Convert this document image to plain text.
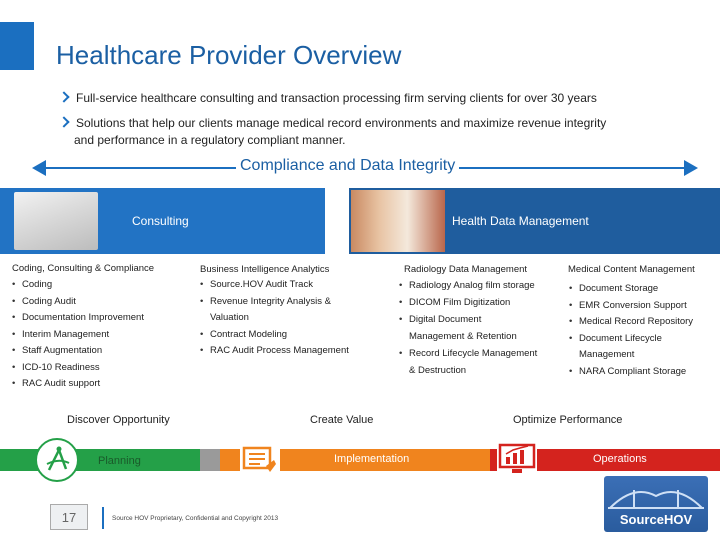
Healthcare Provider Overview
Full-service healthcare consulting and transaction processing firm serving clients for over 30 years
Solutions that help our clients manage medical record environments and maximize revenue integrity
and performance in a regulatory compliant manner.
Compliance and Data Integrity
Consulting	Health Data Management
Coding, Consulting & Compliance
• Coding
• Coding Audit
• Documentation Improvement
• Interim Management
• Staff Augmentation
• ICD-10 Readiness
• RAC Audit support
Business Intelligence Analytics
• Source.HOV Audit Track
• Revenue Integrity Analysis &
Valuation
• Contract Modeling
• RAC Audit Process Management
Radiology Data Management
• Radiology Analog film storage
• DICOM Film Digitization
• Digital Document
Management & Retention
• Record Lifecycle Management
& Destruction
Medical Content Management
• Document Storage
• EMR Conversion Support
• Medical Record Repository
• Document Lifecycle
Management
• NARA Compliant Storage
Discover Opportunity	Create Value	Optimize Performance
Planning	Implementation	Operations
17	Source HOV Proprietary, Confidential and Copyright 2013	SourceHOV
